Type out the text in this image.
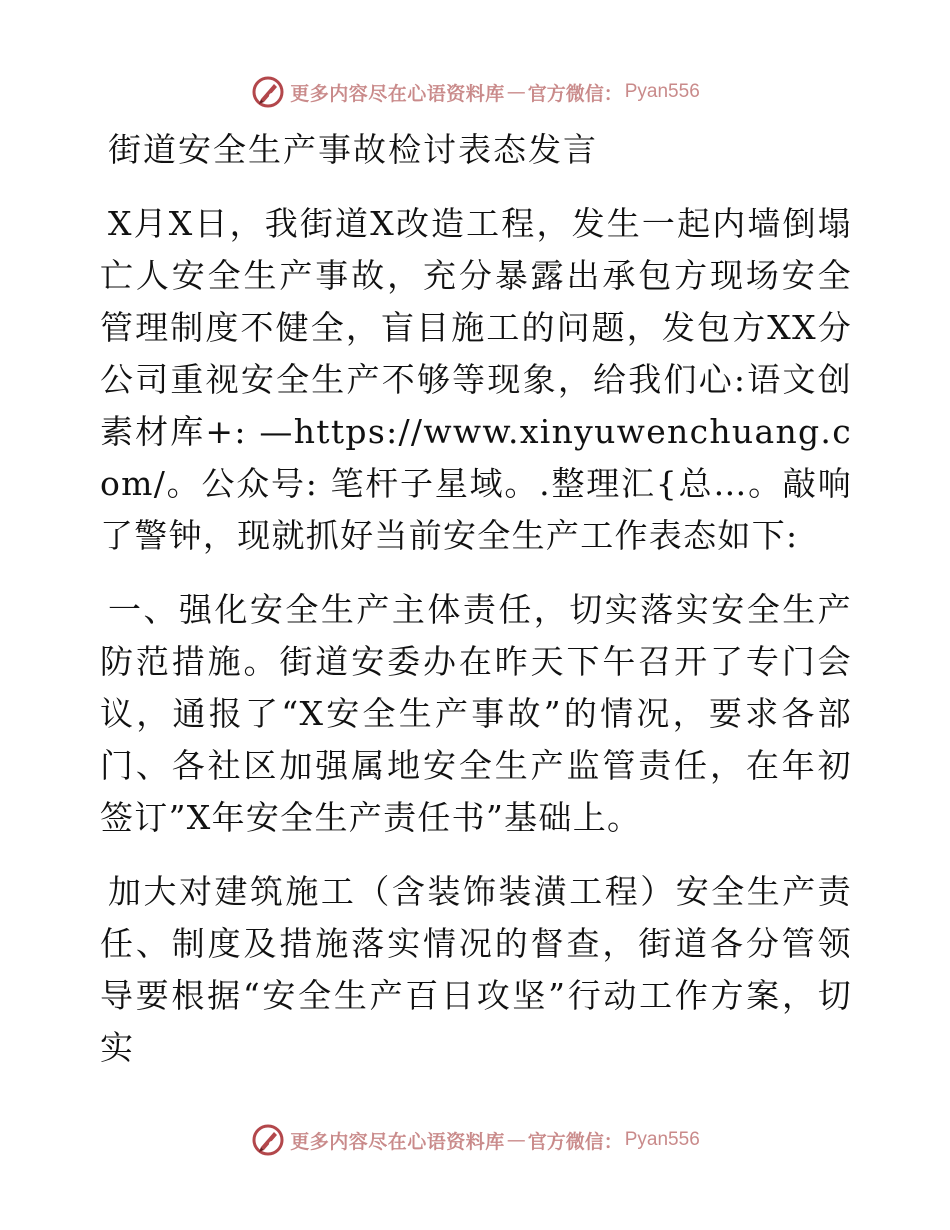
更多内容尽在心语资料库 — 官方微信： Pyan556
街道安全生产事故检讨表态发言

X月X日，我街道X改造工程，发生一起内墙倒塌亡人安全生产事故，充分暴露出承包方现场安全管理制度不健全，盲目施工的问题，发包方XX分公司重视安全生产不够等现象，给我们心:语文创素材库+: —https://www.xinyuwenchuang.com/。公众号: 笔杆子星域。.整理汇{总…。敲响了警钟，现就抓好当前安全生产工作表态如下:

一、强化安全生产主体责任，切实落实安全生产防范措施。街道安委办在昨天下午召开了专门会议，通报了“X安全生产事故”的情况，要求各部门、各社区加强属地安全生产监管责任，在年初签订”X年安全生产责任书”基础上。

加大对建筑施工（含装饰装潢工程）安全生产责任、制度及措施落实情况的督查，街道各分管领导要根据“安全生产百日攻坚”行动工作方案，切实

更多内容尽在心语资料库 — 官方微信： Pyan556
